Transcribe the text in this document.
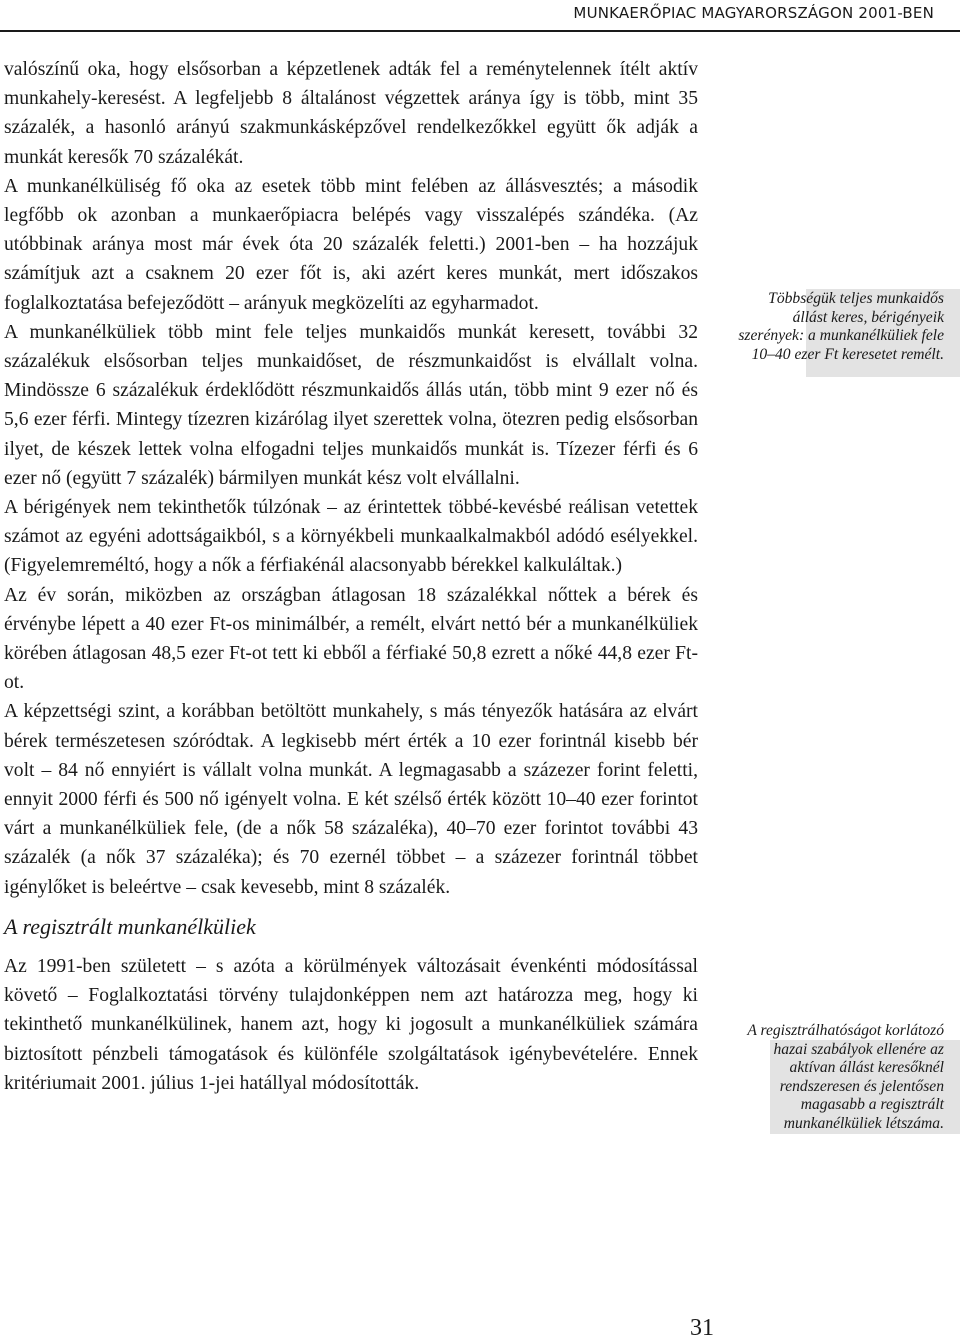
MUNKAERŐPIAC MAGYARORSZÁGON 2001-BEN

valószínű oka, hogy elsősorban a képzetlenek adták fel a reménytelennek ítélt aktív munkahely-keresést. A legfeljebb 8 általánost végzettek aránya így is több, mint 35 százalék, a hasonló arányú szakmunkásképzővel rendelkezőkkel együtt ők adják a munkát keresők 70 százalékát.

A munkanélküliség fő oka az esetek több mint felében az állásvesztés; a második legfőbb ok azonban a munkaerőpiacra belépés vagy visszalépés szándéka. (Az utóbbinak aránya most már évek óta 20 százalék feletti.) 2001-ben – ha hozzájuk számítjuk azt a csaknem 20 ezer főt is, aki azért keres munkát, mert időszakos foglalkoztatása befejeződött – arányuk megközelíti az egyharmadot.

A munkanélküliek több mint fele teljes munkaidős munkát keresett, további 32 százalékuk elsősorban teljes munkaidőset, de részmunkaidőst is elvállalt volna. Mindössze 6 százalékuk érdeklődött részmunkaidős állás után, több mint 9 ezer nő és 5,6 ezer férfi. Mintegy tízezren kizárólag ilyet szerettek volna, ötezren pedig elsősorban ilyet, de készek lettek volna elfogadni teljes munkaidős munkát is. Tízezer férfi és 6 ezer nő (együtt 7 százalék) bármilyen munkát kész volt elvállalni.

A bérigények nem tekinthetők túlzónak – az érintettek többé-kevésbé reálisan vetettek számot az egyéni adottságaikból, s a környékbeli munkaalkalmakból adódó esélyekkel. (Figyelemreméltó, hogy a nők a férfiakénál alacsonyabb bérekkel kalkuláltak.)

Az év során, miközben az országban átlagosan 18 százalékkal nőttek a bérek és érvénybe lépett a 40 ezer Ft-os minimálbér, a remélt, elvárt nettó bér a munkanélküliek körében átlagosan 48,5 ezer Ft-ot tett ki ebből a férfiaké 50,8 ezrett a nőké 44,8 ezer Ft-ot.

A képzettségi szint, a korábban betöltött munkahely, s más tényezők hatására az elvárt bérek természetesen szóródtak. A legkisebb mért érték a 10 ezer forintnál kisebb bér volt – 84 nő ennyiért is vállalt volna munkát. A legmagasabb a százezer forint feletti, ennyit 2000 férfi és 500 nő igényelt volna. E két szélső érték között 10–40 ezer forintot várt a munkanélküliek fele, (de a nők 58 százaléka), 40–70 ezer forintot további 43 százalék (a nők 37 százaléka); és 70 ezernél többet – a százezer forintnál többet igénylőket is beleértve – csak kevesebb, mint 8 százalék.

A regisztrált munkanélküliek

Az 1991-ben született – s azóta a körülmények változásait évenkénti módosítással követő – Foglalkoztatási törvény tulajdonképpen nem azt határozza meg, hogy ki tekinthető munkanélkülinek, hanem azt, hogy ki jogosult a munkanélküliek számára biztosított pénzbeli támogatások és különféle szolgáltatások igénybevételére. Ennek kritériumait 2001. július 1-jei hatállyal módosították.

Többségük teljes munkaidős állást keres, bérigényeik szerények: a munkanélküliek fele 10–40 ezer Ft keresetet remélt.

A regisztrálhatóságot korlátozó hazai szabályok ellenére az aktívan állást keresőknél rendszeresen és jelentősen magasabb a regisztrált munkanélküliek létszáma.

31
